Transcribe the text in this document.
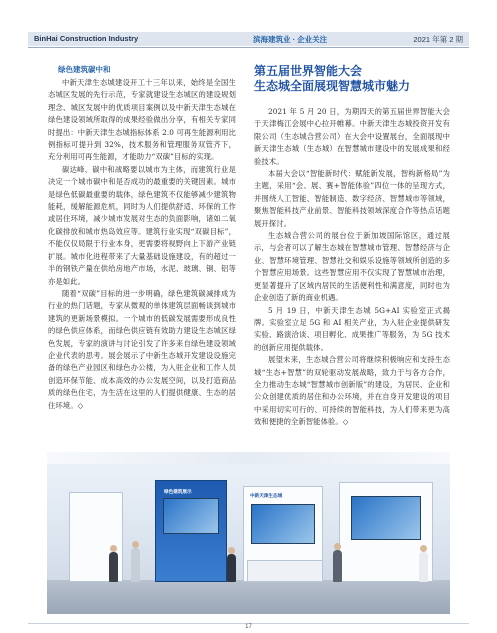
BinHai Construction Industry	滨海建筑业 · 企业关注	2021 年第 2 期

绿色建筑碳中和

中新天津生态城建设开工十三年以来，始终是全国生态城区发展的先行示范，专家就建设生态城区的建设规划理念、城区发展中的优质项目案例以及中新天津生态城在绿色建设领域所取得的成果经验做出分享，有相关专家同时提出：中新天津生态城指标体系 2.0 可再生能源利用比例指标可提升到 32%，技术服务和管理服务双管齐下，充分利用可再生能源，才能助力“双碳”目标的实现。

碳达峰、碳中和战略要以城市为主体，而建筑行业是决定一个城市碳中和是否成功的最重要的关键因素。城市是绿色低碳最重要的载体，绿色建筑不仅能够减少建筑物能耗，缓解能源危机，同时为人们提供舒适、环保的工作或居住环境，减少城市发展对生态的负面影响，诸如二氧化碳排放和城市热岛效应等。建筑行业实现“双碳目标”，不能仅仅局限于行业本身，更需要将视野向上下游产业链扩展。城市化进程带来了大量基础设施建设，有的超过一半的钢铁产量在供给房地产市场，水泥、玻璃、铜、铝等亦是如此。

随着“双碳”目标的进一步明确，绿色建筑碳减排成为行业的热门话题，专家从微观的单体建筑层面畅谈到城市建筑的更新场景模拟。一个城市的低碳发展需要形成良性的绿色供应体系，而绿色供应链有效助力建设生态城区绿色发展，专家的演讲与讨论引发了许多来自绿色建设领域企业代表的思考。展会展示了中新生态城开发建设设施完备的绿色产业园区和绿色办公楼，为入驻企业和工作人员创造环保节能、成本高效的办公发展空间，以及打造商品质的绿色住宅，为生活在这里的人们提供健康、生态的居住环境。◇

第五届世界智能大会
生态城全面展现智慧城市魅力

2021 年 5 月 20 日，为期四天的第五届世界智能大会于天津梅江会展中心拉开帷幕。中新天津生态城投资开发有限公司（生态城合营公司）在大会中设置展台，全面展现中新天津生态城（生态城）在智慧城市建设中的发展成果和经验技术。

本届大会以“智能新时代：赋能新发展，智构新格局”为主题，采用“会、展、赛+智能体验”四位一体的呈现方式，并围绕人工智能、智能制造、数字经济、智慧城市等领域，聚焦智能科技产业前景、智能科技领域深度合作等热点话题展开探讨。

生态城合营公司的展台位于新加坡国际馆区，通过展示，与会者可以了解生态城在智慧城市管理、智慧经济与企业、智慧环境管理、智慧社交和娱乐设施等领域所创造的多个智慧应用场景。这些智慧应用不仅实现了智慧城市治理，更显著提升了区域内居民的生活便利性和满意度，同时也为企业创造了新的商业机遇。

5 月 19 日，中新天津生态城 5G+AI 实验室正式揭牌。实验室立足 5G 和 AI 相关产业，为入驻企业提供研发实验、路演洽谈、项目孵化、成果推广等服务，为 5G 技术的创新应用提供载体。

展望未来，生态城合营公司将继续积极响应和支持生态城“生态+智慧”的双轮驱动发展战略，致力于与各方合作，全力推动生态城“智慧城市创新版”的建设，为居民、企业和公众创建优质的居住和办公环境，并在自身开发建设的项目中采用切实可行的、可持续的智能科技，为人们带来更为高效和便捷的全新智能体验。◇

绿色建筑展示
中新天津生态城
17
